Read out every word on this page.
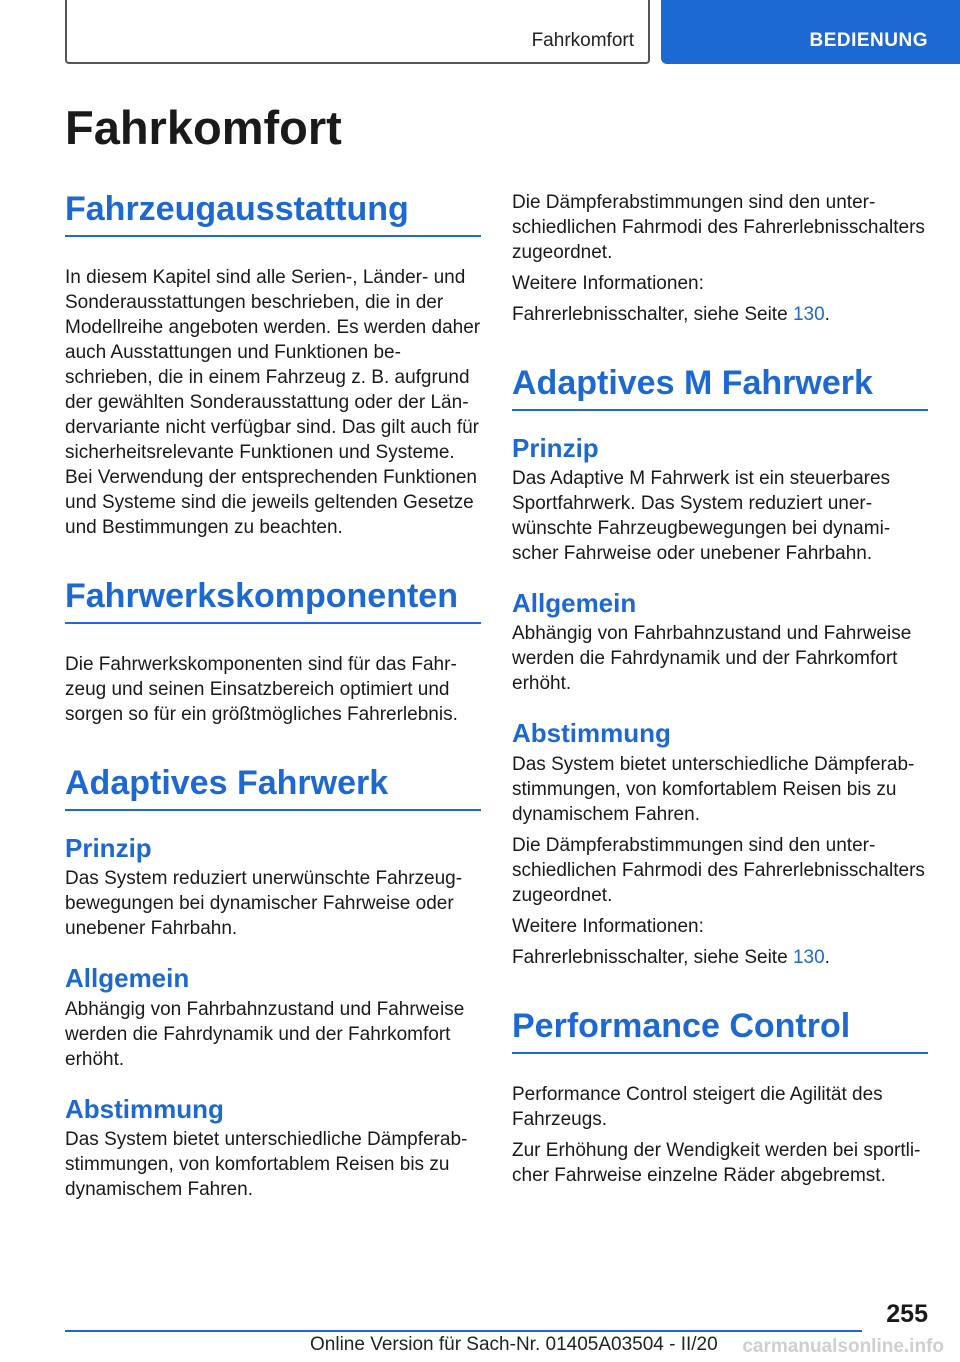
Fahrkomfort	BEDIENUNG
Fahrkomfort
Fahrzeugausstattung

In diesem Kapitel sind alle Serien-, Länder- und Sonderausstattungen beschrieben, die in der Modellreihe angeboten werden. Es werden daher auch Ausstattungen und Funktionen beschrieben, die in einem Fahrzeug z. B. aufgrund der gewählten Sonderausstattung oder der Ländervariante nicht verfügbar sind. Das gilt auch für sicherheitsrelevante Funktionen und Systeme. Bei Verwendung der entsprechenden Funktionen und Systeme sind die jeweils geltenden Gesetze und Bestimmungen zu beachten.

Fahrwerkskomponenten

Die Fahrwerkskomponenten sind für das Fahrzeug und seinen Einsatzbereich optimiert und sorgen so für ein größtmögliches Fahrerlebnis.

Adaptives Fahrwerk
Prinzip

Das System reduziert unerwünschte Fahrzeugbewegungen bei dynamischer Fahrweise oder unebener Fahrbahn.

Allgemein

Abhängig von Fahrbahnzustand und Fahrweise werden die Fahrdynamik und der Fahrkomfort erhöht.

Abstimmung

Das System bietet unterschiedliche Dämpferabstimmungen, von komfortablem Reisen bis zu dynamischem Fahren.

Die Dämpferabstimmungen sind den unterschiedlichen Fahrmodi des Fahrerlebnisschalters zugeordnet.

Weitere Informationen:

Fahrerlebnisschalter, siehe Seite 130.

Adaptives M Fahrwerk
Prinzip

Das Adaptive M Fahrwerk ist ein steuerbares Sportfahrwerk. Das System reduziert unerwünschte Fahrzeugbewegungen bei dynamischer Fahrweise oder unebener Fahrbahn.

Allgemein

Abhängig von Fahrbahnzustand und Fahrweise werden die Fahrdynamik und der Fahrkomfort erhöht.

Abstimmung

Das System bietet unterschiedliche Dämpferabstimmungen, von komfortablem Reisen bis zu dynamischem Fahren.

Die Dämpferabstimmungen sind den unterschiedlichen Fahrmodi des Fahrerlebnisschalters zugeordnet.

Weitere Informationen:

Fahrerlebnisschalter, siehe Seite 130.

Performance Control

Performance Control steigert die Agilität des Fahrzeugs.

Zur Erhöhung der Wendigkeit werden bei sportlicher Fahrweise einzelne Räder abgebremst.

255
Online Version für Sach-Nr. 01405A03504 - II/20 carmanualsonline.info
